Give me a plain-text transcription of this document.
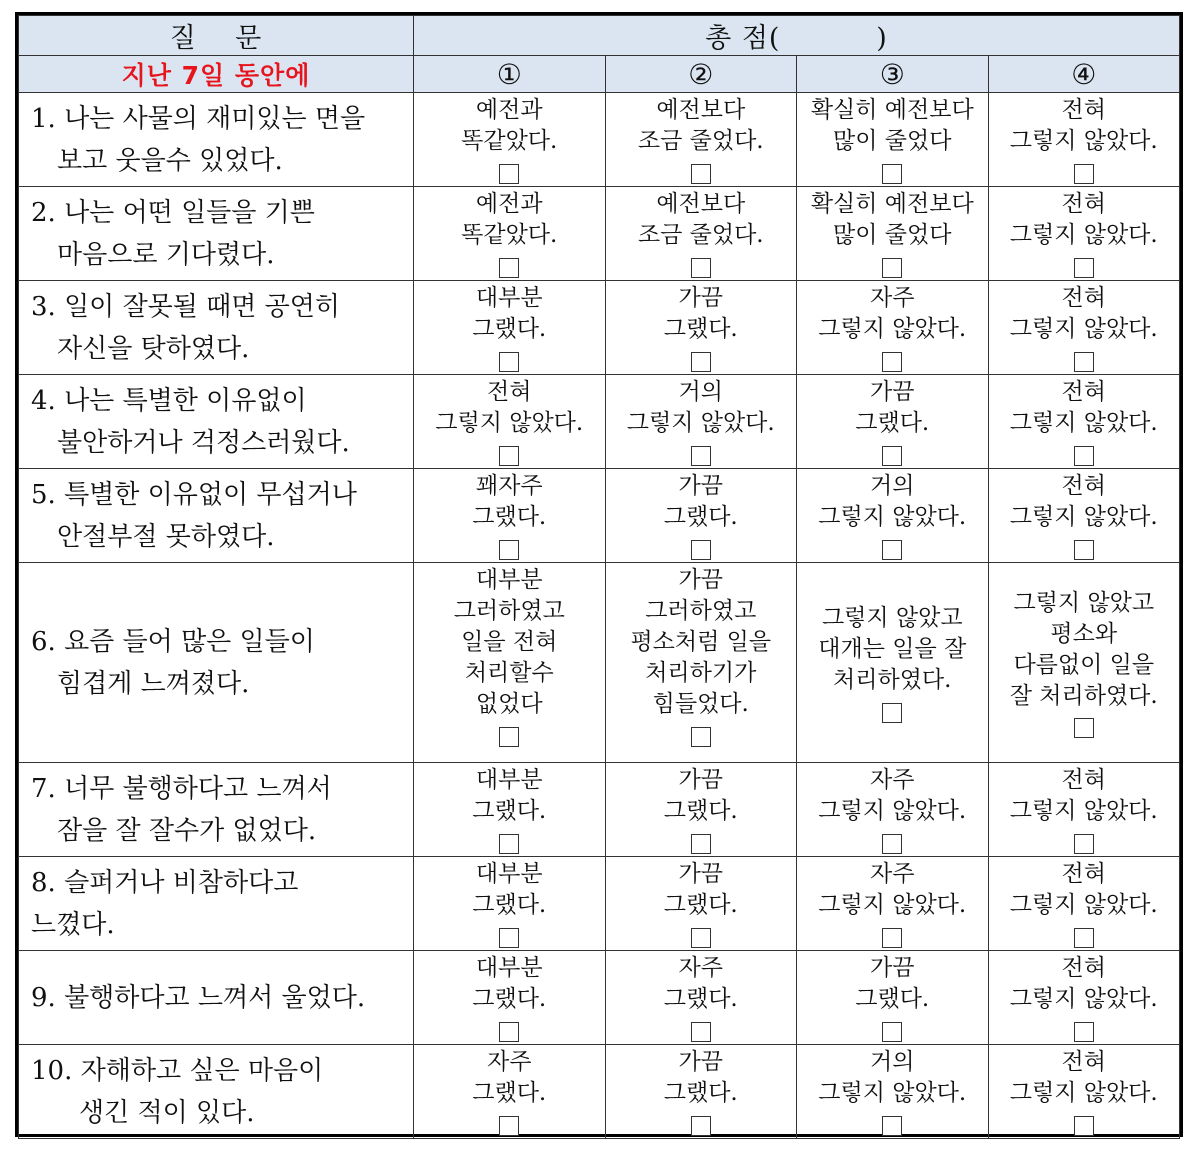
질    문	총 점(          )			
지난 7일 동안에	①	②	③	④

1. 나는 사물의 재미있는 면을
보고 웃을수 있었다.	예전과
똑같았다.	예전보다
조금 줄었다.	확실히 예전보다
많이 줄었다	전혀
그렇지 않았다.

2. 나는 어떤 일들을 기쁜
마음으로 기다렸다.	예전과
똑같았다.	예전보다
조금 줄었다.	확실히 예전보다
많이 줄었다	전혀
그렇지 않았다.

3. 일이 잘못될 때면 공연히
자신을 탓하였다.	대부분
그랬다.	가끔
그랬다.	자주
그렇지 않았다.	전혀
그렇지 않았다.

4. 나는 특별한 이유없이
불안하거나 걱정스러웠다.	전혀
그렇지 않았다.	거의
그렇지 않았다.	가끔
그랬다.	전혀
그렇지 않았다.

5. 특별한 이유없이 무섭거나
안절부절 못하였다.	꽤자주
그랬다.	가끔
그랬다.	거의
그렇지 않았다.	전혀
그렇지 않았다.

6. 요즘 들어 많은 일들이
힘겹게 느껴졌다.	대부분
그러하였고
일을 전혀
처리할수
없었다	가끔
그러하였고
평소처럼 일을
처리하기가
힘들었다.	그렇지 않았고
대개는 일을 잘
처리하였다.	그렇지 않았고
평소와
다름없이 일을
잘 처리하였다.

7. 너무 불행하다고 느껴서
잠을 잘 잘수가 없었다.	대부분
그랬다.	가끔
그랬다.	자주
그렇지 않았다.	전혀
그렇지 않았다.

8. 슬퍼거나 비참하다고
느꼈다.	대부분
그랬다.	가끔
그랬다.	자주
그렇지 않았다.	전혀
그렇지 않았다.

9. 불행하다고 느껴서 울었다.	대부분
그랬다.	자주
그랬다.	가끔
그랬다.	전혀
그렇지 않았다.

10. 자해하고 싶은 마음이
생긴 적이 있다.	자주
그랬다.	가끔
그랬다.	거의
그렇지 않았다.	전혀
그렇지 않았다.
